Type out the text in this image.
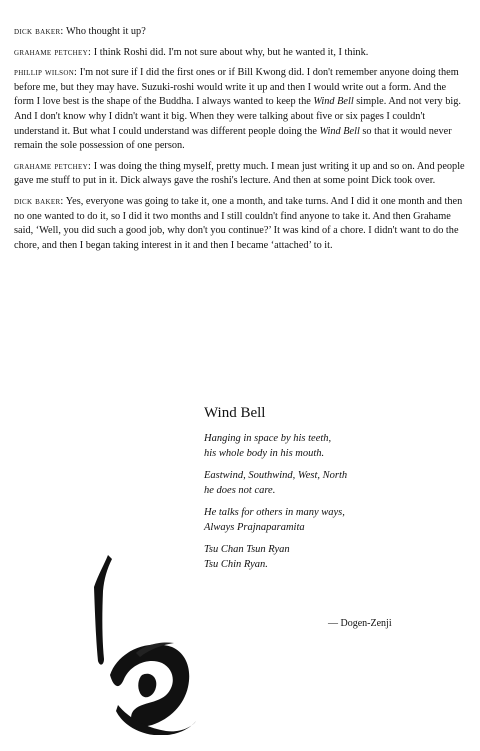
dick baker: Who thought it up?

grahame petchey: I think Roshi did. I'm not sure about why, but he wanted it, I think.

phillip wilson: I'm not sure if I did the first ones or if Bill Kwong did. I don't remember anyone doing them before me, but they may have. Suzuki-roshi would write it up and then I would write out a form. And the form I love best is the shape of the Buddha. I always wanted to keep the Wind Bell simple. And not very big. And I don't know why I didn't want it big. When they were talking about five or six pages I couldn't understand it. But what I could understand was different people doing the Wind Bell so that it would never remain the sole possession of one person.

grahame petchey: I was doing the thing myself, pretty much. I mean just writing it up and so on. And people gave me stuff to put in it. Dick always gave the roshi's lecture. And then at some point Dick took over.

dick baker: Yes, everyone was going to take it, one a month, and take turns. And I did it one month and then no one wanted to do it, so I did it two months and I still couldn't find anyone to take it. And then Grahame said, ‘Well, you did such a good job, why don't you continue?’ It was kind of a chore. I didn't want to do the chore, and then I began taking interest in it and then I became ‘attached’ to it.

Wind Bell
Hanging in space by his teeth,
his whole body in his mouth.
Eastwind, Southwind, West, North
he does not care.
He talks for others in many ways,
Always Prajnaparamita
Tsu Chan Tsun Ryan
Tsu Chin Ryan.
— Dogen-Zenji
